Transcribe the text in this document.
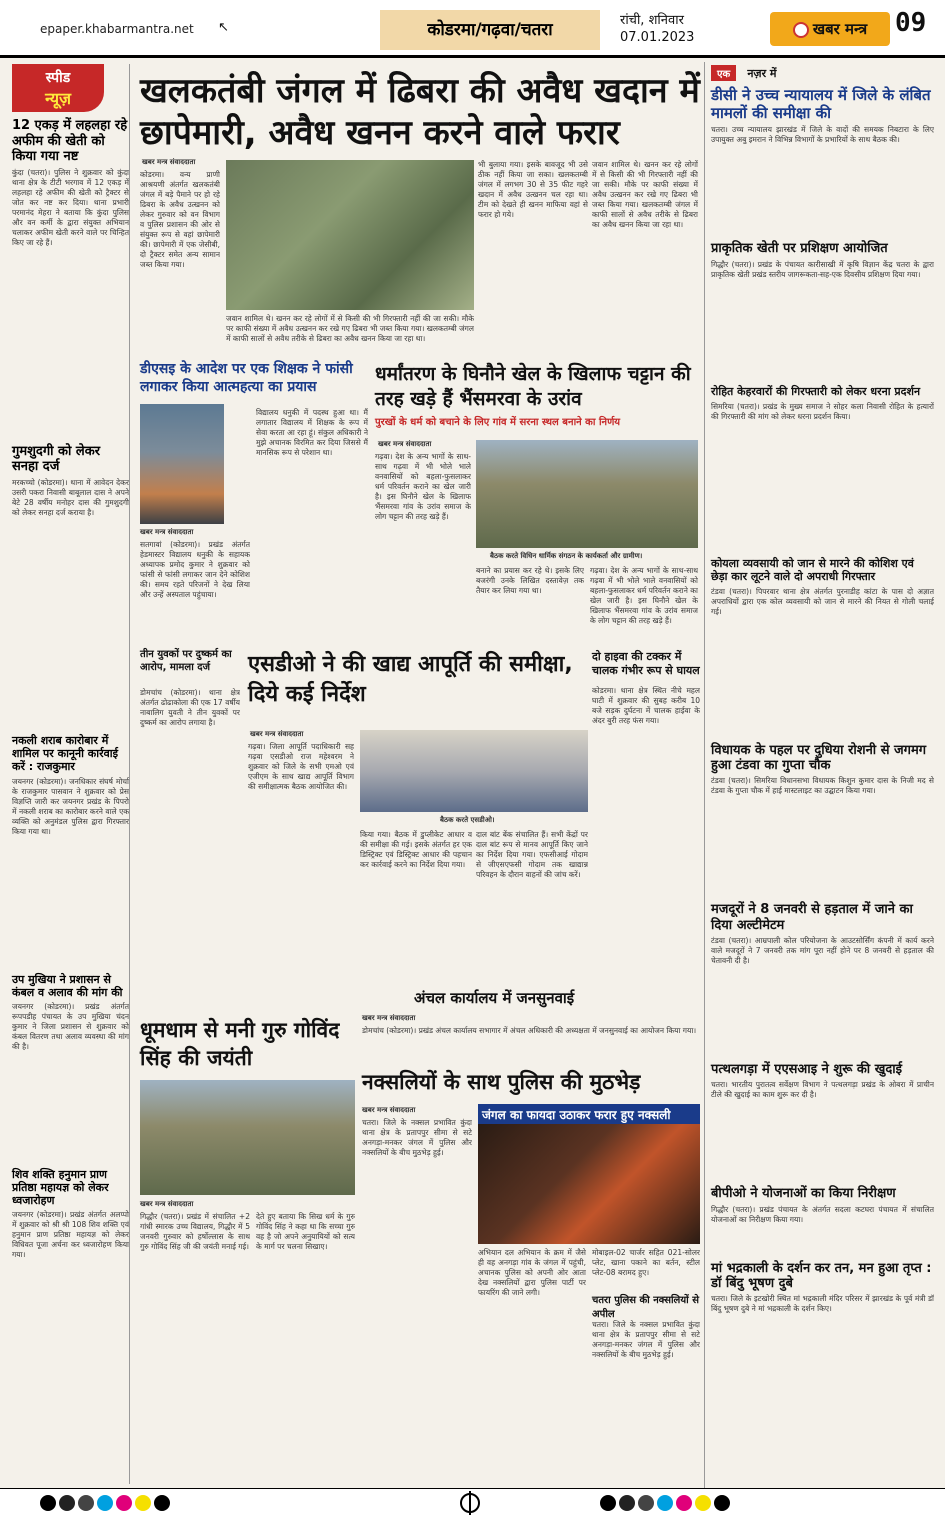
epaper.khabarmantra.net ↖	कोडरमा/गढ़वा/चतरा	रांची, शनिवार
07.01.2023	खबर मन्त्र	09
स्पीड
न्यूज़
12 एकड़ में लहलहा रहे अफीम की खेती को किया गया नष्ट
कुंदा (चतरा)। पुलिस ने शुक्रवार को कुंदा थाना क्षेत्र के टीटी भरगाव में 12 एकड़ में लहलहा रहे अफीम की खेती को ट्रैक्टर से जोत कर नष्ट कर दिया। थाना प्रभारी परमानंद मेहरा ने बताया कि कुंदा पुलिस और वन कर्मी के द्वारा संयुक्त अभियान चलाकर अफीम खेती करने वाले पर चिन्हित किए जा रहे हैं।
गुमशुदगी को लेकर सनहा दर्ज
मरकच्चो (कोडरमा)। थाना में आवेदन देकर उसरी पकरा निवासी बाबूलाल दास ने अपने बेटे 28 वर्षीय मनोहर दास की गुमशुदगी को लेकर सनहा दर्ज कराया है।
नकली शराब कारोबार में शामिल पर कानूनी कार्रवाई करें : राजकुमार
जयनगर (कोडरमा)। जनधिकार संघर्ष मोर्चा के राजकुमार पासवान ने शुक्रवार को प्रेस विज्ञप्ति जारी कर जयनगर प्रखंड के पिपरो में नकली शराब का कारोबार करने वाले एक व्यक्ति को अनुमंडल पुलिस द्वारा गिरफ्तार किया गया था।
उप मुखिया ने प्रशासन से कंबल व अलाव की मांग की
जयनगर (कोडरमा)। प्रखंड अंतर्गत रूपपडीह पंचायत के उप मुखिया चंदन कुमार ने जिला प्रशासन से शुक्रवार को कंबल वितरण तथा अलाव व्यवस्था की मांग की है।
शिव शक्ति हनुमान प्राण प्रतिष्ठा महायज्ञ को लेकर ध्वजारोहण
जयनगर (कोडरमा)। प्रखंड अंतर्गत अलप्पो में शुक्रवार को श्री श्री 108 शिव शक्ति एवं हनुमान प्राण प्रतिष्ठा महायज्ञ को लेकर विधिवत पूजा अर्चना कर ध्वजारोहण किया गया।
खलकतंबी जंगल में ढिबरा की अवैध खदान में छापेमारी, अवैध खनन करने वाले फरार
खबर मन्त्र संवाददाता
कोडरमा। वन्य प्राणी आश्रयणी अंतर्गत खलकतंबी जंगल में बड़े पैमाने पर हो रहे ढिबरा के अवैध उत्खनन को लेकर गुरुवार को वन विभाग व पुलिस प्रशासन की ओर से संयुक्त रूप से वहां छापेमारी की। छापेमारी में एक जेसीबी, दो ट्रैक्टर समेत अन्य सामान जब्त किया गया।
जवान शामिल थे। खनन कर रहे लोगों में से किसी की भी गिरफ्तारी नहीं की जा सकी। मौके पर काफी संख्या में अवैध उत्खनन कर रखे गए ढिबरा भी जब्त किया गया। खलकतम्बी जंगल में काफी सालों से अवैध तरीके से ढिबरा का अवैध खनन किया जा रहा था।
भी बुलाया गया। इसके बावजूद भी उसे ठीक नहीं किया जा सका। खलकतम्बी जंगल में लगभग 30 से 35 फीट गहरे खदान में अवैध उत्खनन चल रहा था। टीम को देखते ही खनन माफिया वहां से फरार हो गये।
जवान शामिल थे। खनन कर रहे लोगों में से किसी की भी गिरफ्तारी नहीं की जा सकी। मौके पर काफी संख्या में अवैध उत्खनन कर रखे गए ढिबरा भी जब्त किया गया। खलकतम्बी जंगल में काफी सालों से अवैध तरीके से ढिबरा का अवैध खनन किया जा रहा था।
डीएसइ के आदेश पर एक शिक्षक ने फांसी लगाकर किया आत्महत्या का प्रयास
खबर मन्त्र संवाददाता
सतगावां (कोडरमा)। प्रखंड अंतर्गत हेडमास्टर विद्यालय धनुकी के सहायक अध्यापक प्रमोद कुमार ने शुक्रवार को फांसी से फांसी लगाकर जान देने कोशिश की। समय रहते परिजनों ने देख लिया और उन्हें अस्पताल पहुंचाया।
विद्यालय धनुकी में पदस्थ हुआ था। मैं लगातार विद्यालय में शिक्षक के रूप में सेवा करता आ रहा हूं। संकुल अधिकारी ने मुझे अचानक विरमित कर दिया जिससे मैं मानसिक रूप से परेशान था।
धर्मांतरण के घिनौने खेल के खिलाफ चट्टान की तरह खड़े हैं भैंसमरवा के उरांव
पुरखों के धर्म को बचाने के लिए गांव में सरना स्थल बनाने का निर्णय
खबर मन्त्र संवाददाता
गढ़वा। देश के अन्य भागों के साथ-साथ गढ़वा में भी भोले भाले वनवासियों को बहला-फुसलाकर धर्म परिवर्तन कराने का खेल जारी है। इस घिनौने खेल के खिलाफ भैंसमरवा गांव के उरांव समाज के लोग चट्टान की तरह खड़े हैं।
बैठक करते विधिन धार्मिक संगठन के कार्यकर्ता और ग्रामीण।
बनाने का प्रयास कर रहे थे। इसके लिए बजरंगी उनके लिखित दस्तावेज़ तक तैयार कर लिया गया था।
गढ़वा। देश के अन्य भागों के साथ-साथ गढ़वा में भी भोले भाले वनवासियों को बहला-फुसलाकर धर्म परिवर्तन कराने का खेल जारी है। इस घिनौने खेल के खिलाफ भैंसमरवा गांव के उरांव समाज के लोग चट्टान की तरह खड़े हैं।
तीन युवकों पर दुष्कर्म का आरोप, मामला दर्ज
डोमचांच (कोडरमा)। थाना क्षेत्र अंतर्गत ढोढाकोला की एक 17 वर्षीय नाबालिग युवती ने तीन युवकों पर दुष्कर्म का आरोप लगाया है।
एसडीओ ने की खाद्य आपूर्ति की समीक्षा, दिये कई निर्देश
खबर मन्त्र संवाददाता
गढ़वा। जिला आपूर्ति पदाधिकारी सह गढ़वा एसडीओ राज महेश्वरम ने शुक्रवार को जिले के सभी एमओ एवं एजीएम के साथ खाद्य आपूर्ति विभाग की समीक्षात्मक बैठक आयोजित की।
बैठक करते एसडीओ।
किया गया। बैठक में डुप्लीकेट आधार व की समीक्षा की गई। इसके अंतर्गत हर एक डिस्ट्रिक्ट एवं डिस्ट्रिक्ट आधार की पहचान कर कार्रवाई करने का निर्देश दिया गया।
दाल बांट बेंक संचालित हैं। सभी केंद्रों पर दाल बांट रूप से मानव आपूर्ति किए जाने का निर्देश दिया गया। एफसीआई गोदाम से जीएसएफसी गोदाम तक खाद्यान्न परिवहन के दौरान वाहनों की जांच करें।
दो हाइवा की टक्कर में चालक गंभीर रूप से घायल
कोडरमा। थाना क्षेत्र स्थित नीचे महल घाटी में शुक्रवार की सुबह करीब 10 बजे सड़क दुर्घटना में चालक हाईवा के अंदर बुरी तरह फंस गया।
अंचल कार्यालय में जनसुनवाई
खबर मन्त्र संवाददाता
डोमचांच (कोडरमा)। प्रखंड अंचल कार्यालय सभागार में अंचल अधिकारी की अध्यक्षता में जनसुनवाई का आयोजन किया गया।
धूमधाम से मनी गुरु गोविंद सिंह की जयंती
खबर मन्त्र संवाददाता
गिद्धौर (चतरा)। प्रखंड में संचालित +2 गांधी स्मारक उच्च विद्यालय, गिद्धौर में 5 जनवरी गुरुवार को हर्षोल्लास के साथ गुरु गोविंद सिंह जी की जयंती मनाई गई।
देते हुए बताया कि सिख धर्म के गुरु गोविंद सिंह ने कहा था कि सच्चा गुरु वह है जो अपने अनुयायियों को सत्य के मार्ग पर चलना सिखाए।
नक्सलियों के साथ पुलिस की मुठभेड़
खबर मन्त्र संवाददाता
चतरा। जिले के नक्सल प्रभावित कुंदा थाना क्षेत्र के प्रतापपुर सीमा से सटे अनगड़ा-मनकर जंगल में पुलिस और नक्सलियों के बीच मुठभेड़ हुई।
जंगल का फायदा उठाकर फरार हुए नक्सली
अभियान दल अभियान के क्रम में जैसे ही वह अनगड़ा गांव के जंगल में पहुंची, अचानक पुलिस को अपनी ओर आता देख नक्सलियों द्वारा पुलिस पार्टी पर फायरिंग की जाने लगी।
मोबाइल-02 चार्जर सहित 021-सोलर प्लेट, खाना पकाने का बर्तन, स्टील प्लेट-08 बरामद हुए।
चतरा पुलिस की नक्सलियों से अपील
चतरा। जिले के नक्सल प्रभावित कुंदा थाना क्षेत्र के प्रतापपुर सीमा से सटे अनगड़ा-मनकर जंगल में पुलिस और नक्सलियों के बीच मुठभेड़ हुई।
एक नज़र में
डीसी ने उच्च न्यायालय में जिले के लंबित मामलों की समीक्षा की
चतरा। उच्च न्यायालय झारखंड में जिले के वादों की समयक निबटारा के लिए उपायुक्त अबु इमरान ने विभिन्न विभागों के प्रभारियों के साथ बैठक की।
प्राकृतिक खेती पर प्रशिक्षण आयोजित
गिद्धौर (चतरा)। प्रखंड के पंचायत कारीसाखी में कृषि विज्ञान केंद्र चतरा के द्वारा प्राकृतिक खेती प्रखंड स्तरीय जागरूकता-सह-एक दिवसीय प्रशिक्षण दिया गया।
रोहित केहरवारों की गिरफ्तारी को लेकर धरना प्रदर्शन
सिमरिया (चतरा)। प्रखंड के मुख्य समाज ने सोहर कला निवासी रोहित के हत्यारों की गिरफ्तारी की मांग को लेकर धरना प्रदर्शन किया।
कोयला व्यवसायी को जान से मारने की कोशिश एवं छेड़ा कार लूटने वाले दो अपराधी गिरफ्तार
टंडवा (चतरा)। पिपरवार थाना क्षेत्र अंतर्गत पुरनाडीह कांटा के पास दो अज्ञात अपराधियों द्वारा एक कोल व्यवसायी को जान से मारने की नियत से गोली चलाई गई।
विधायक के पहल पर दुधिया रोशनी से जगमग हुआ टंडवा का गुप्ता चौक
टंडवा (चतरा)। सिमरिया विधानसभा विधायक किशुन कुमार दास के निजी मद से टंडवा के गुप्ता चौक में हाई मास्टलाइट का उद्घाटन किया गया।
मजदूरों ने 8 जनवरी से हड़ताल में जाने का दिया अल्टीमेटम
टंडवा (चतरा)। आम्रपाली कोल परियोजना के आउटसोर्सिंग कंपनी में कार्य करने वाले मजदूरों ने 7 जनवरी तक मांग पूरा नहीं होने पर 8 जनवरी से हड़ताल की चेतावनी दी है।
पत्थलगड़ा में एएसआइ ने शुरू की खुदाई
चतरा। भारतीय पुरातत्व सर्वेक्षण विभाग ने पत्थलगड़ा प्रखंड के ओबरा में प्राचीन टीले की खुदाई का काम शुरू कर दी है।
बीपीओ ने योजनाओं का किया निरीक्षण
गिद्धौर (चतरा)। प्रखंड पंचायत के अंतर्गत सदला कटघरा पंचायत में संचालित योजनाओं का निरीक्षण किया गया।
मां भद्रकाली के दर्शन कर तन, मन हुआ तृप्त : डॉ बिंदु भूषण दुबे
चतरा। जिले के इटखोरी स्थित मां भद्रकाली मंदिर परिसर में झारखंड के पूर्व मंत्री डॉ बिंदु भूषण दुबे ने मां भद्रकाली के दर्शन किए।
